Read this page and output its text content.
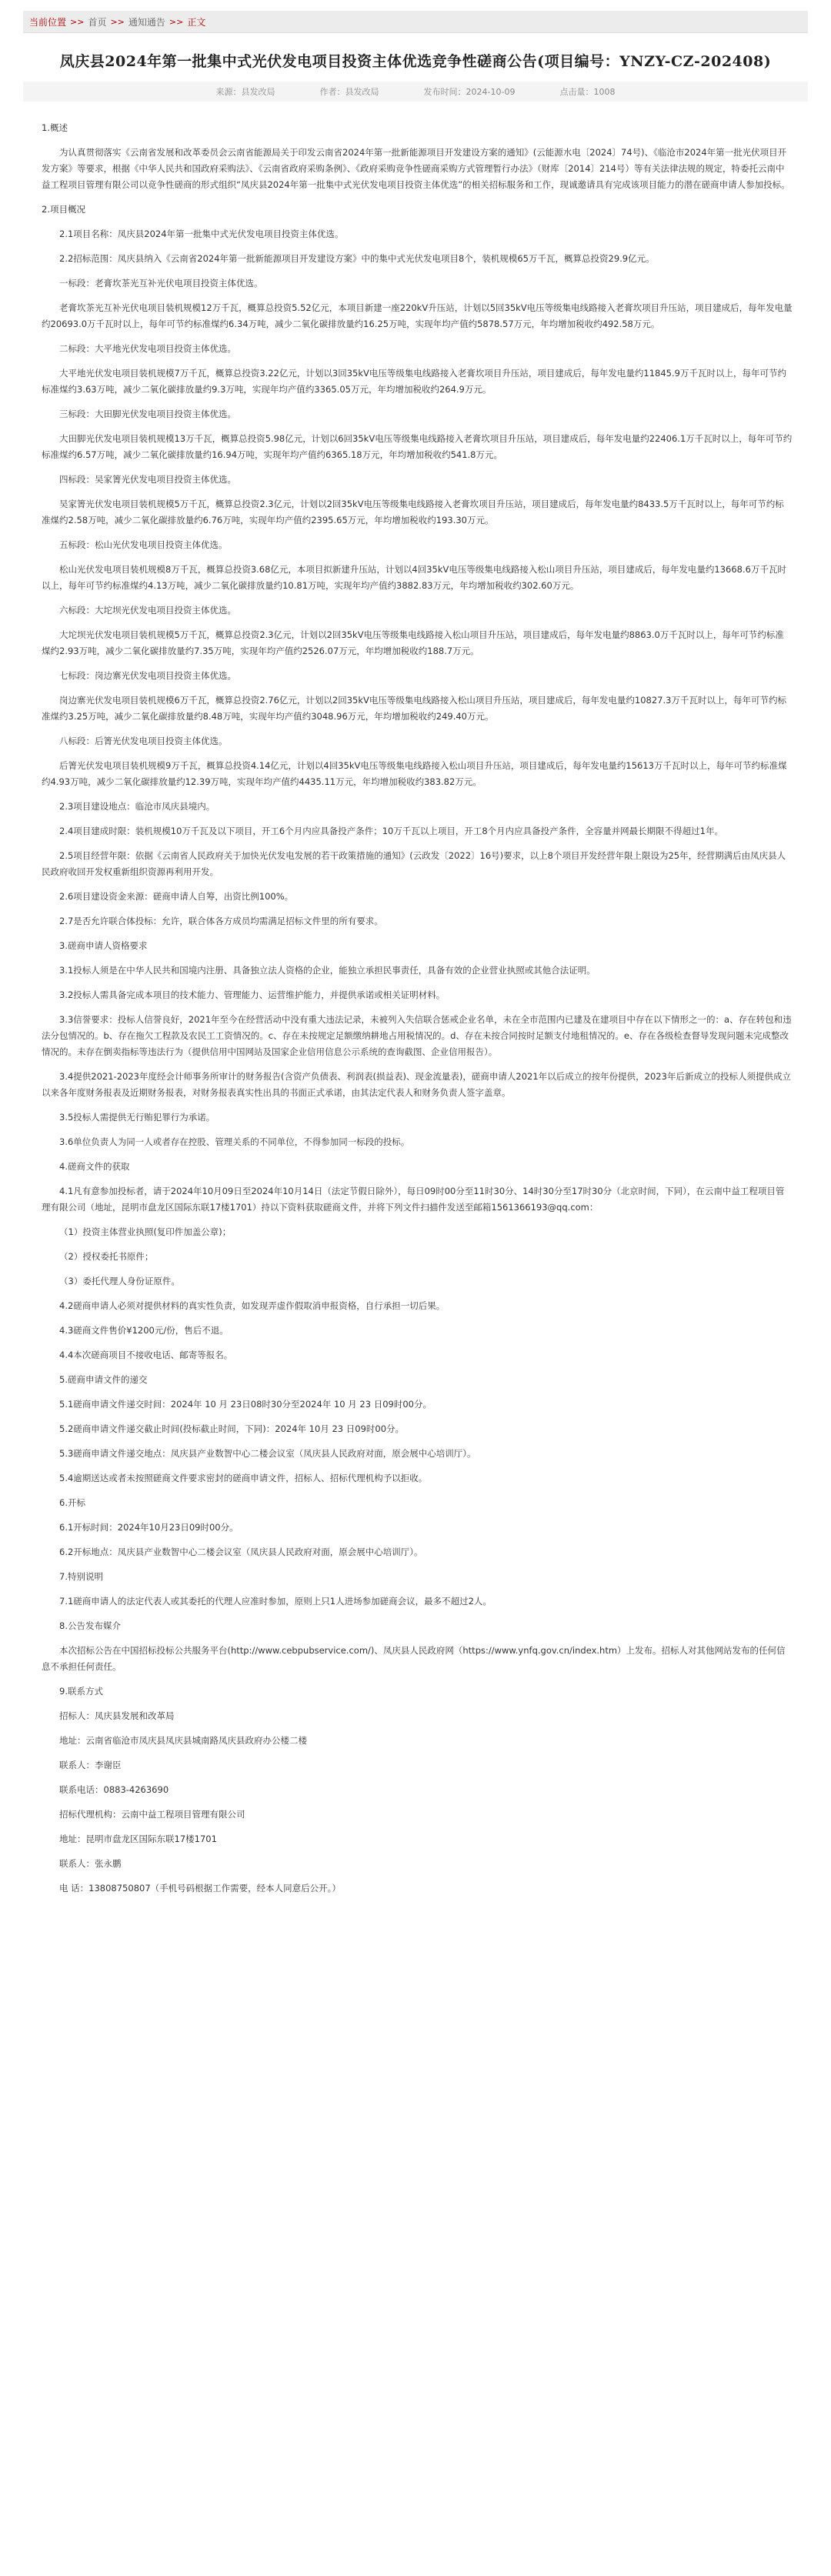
当前位置 >> 首页 >> 通知通告 >> 正文
凤庆县2024年第一批集中式光伏发电项目投资主体优选竞争性磋商公告(项目编号：YNZY-CZ-202408)
来源：县发改局	作者：县发改局	发布时间：2024-10-09	点击量：1008

1.概述

为认真贯彻落实《云南省发展和改革委员会云南省能源局关于印发云南省2024年第一批新能源项目开发建设方案的通知》(云能源水电〔2024〕74号)、《临沧市2024年第一批光伏项目开发方案》等要求，根据《中华人民共和国政府采购法》、《云南省政府采购条例》、《政府采购竞争性磋商采购方式管理暂行办法》（财库〔2014〕214号）等有关法律法规的规定，特委托云南中益工程项目管理有限公司以竞争性磋商的形式组织“凤庆县2024年第一批集中式光伏发电项目投资主体优选”的相关招标服务和工作，现诚邀请具有完成该项目能力的潜在磋商申请人参加投标。

2.项目概况

2.1项目名称：凤庆县2024年第一批集中式光伏发电项目投资主体优选。

2.2招标范围：凤庆县纳入《云南省2024年第一批新能源项目开发建设方案》中的集中式光伏发电项目8个，装机规模65万千瓦，概算总投资29.9亿元。

一标段：老膏坎茶光互补光伏电项目投资主体优选。

老膏坎茶光互补光伏电项目装机规模12万千瓦，概算总投资5.52亿元，本项目新建一座220kV升压站，计划以5回35kV电压等级集电线路接入老膏坎项目升压站，项目建成后，每年发电量约20693.0万千瓦时以上，每年可节约标准煤约6.34万吨，减少二氧化碳排放量约16.25万吨，实现年均产值约5878.57万元，年均增加税收约492.58万元。

二标段：大平地光伏发电项目投资主体优选。

大平地光伏发电项目装机规模7万千瓦，概算总投资3.22亿元，计划以3回35kV电压等级集电线路接入老膏坎项目升压站，项目建成后，每年发电量约11845.9万千瓦时以上，每年可节约标准煤约3.63万吨，减少二氧化碳排放量约9.3万吨，实现年均产值约3365.05万元，年均增加税收约264.9万元。

三标段：大田脚光伏发电项目投资主体优选。

大田脚光伏发电项目装机规模13万千瓦，概算总投资5.98亿元，计划以6回35kV电压等级集电线路接入老膏坎项目升压站，项目建成后，每年发电量约22406.1万千瓦时以上，每年可节约标准煤约6.57万吨，减少二氧化碳排放量约16.94万吨，实现年均产值约6365.18万元，年均增加税收约541.8万元。

四标段：吴家箐光伏发电项目投资主体优选。

吴家箐光伏发电项目装机规模5万千瓦，概算总投资2.3亿元，计划以2回35kV电压等级集电线路接入老膏坎项目升压站，项目建成后，每年发电量约8433.5万千瓦时以上，每年可节约标准煤约2.58万吨，减少二氧化碳排放量约6.76万吨，实现年均产值约2395.65万元，年均增加税收约193.30万元。

五标段：松山光伏发电项目投资主体优选。

松山光伏发电项目装机规模8万千瓦，概算总投资3.68亿元，本项目拟新建升压站，计划以4回35kV电压等级集电线路接入松山项目升压站，项目建成后，每年发电量约13668.6万千瓦时以上，每年可节约标准煤约4.13万吨，减少二氧化碳排放量约10.81万吨，实现年均产值约3882.83万元，年均增加税收约302.60万元。

六标段：大坨坝光伏发电项目投资主体优选。

大坨坝光伏发电项目装机规模5万千瓦，概算总投资2.3亿元，计划以2回35kV电压等级集电线路接入松山项目升压站，项目建成后，每年发电量约8863.0万千瓦时以上，每年可节约标准煤约2.93万吨，减少二氧化碳排放量约7.35万吨，实现年均产值约2526.07万元，年均增加税收约188.7万元。

七标段：岗边寨光伏发电项目投资主体优选。

岗边寨光伏发电项目装机规模6万千瓦，概算总投资2.76亿元，计划以2回35kV电压等级集电线路接入松山项目升压站，项目建成后，每年发电量约10827.3万千瓦时以上，每年可节约标准煤约3.25万吨，减少二氧化碳排放量约8.48万吨，实现年均产值约3048.96万元，年均增加税收约249.40万元。

八标段：后箐光伏发电项目投资主体优选。

后箐光伏发电项目装机规模9万千瓦，概算总投资4.14亿元，计划以4回35kV电压等级集电线路接入松山项目升压站，项目建成后，每年发电量约15613万千瓦时以上，每年可节约标准煤约4.93万吨，减少二氧化碳排放量约12.39万吨，实现年均产值约4435.11万元，年均增加税收约383.82万元。

2.3项目建设地点：临沧市凤庆县境内。

2.4项目建成时限：装机规模10万千瓦及以下项目，开工6个月内应具备投产条件；10万千瓦以上项目，开工8个月内应具备投产条件，全容量并网最长期限不得超过1年。

2.5项目经营年限：依据《云南省人民政府关于加快光伏发电发展的若干政策措施的通知》(云政发〔2022〕16号)要求，以上8个项目开发经营年限上限设为25年，经营期满后由凤庆县人民政府收回开发权重新组织资源再利用开发。

2.6项目建设资金来源：磋商申请人自筹，出资比例100%。

2.7是否允许联合体投标：允许，联合体各方成员均需满足招标文件里的所有要求。

3.磋商申请人资格要求

3.1投标人须是在中华人民共和国境内注册、具备独立法人资格的企业，能独立承担民事责任，具备有效的企业营业执照或其他合法证明。

3.2投标人需具备完成本项目的技术能力、管理能力、运营维护能力，并提供承诺或相关证明材料。

3.3信誉要求：投标人信誉良好，2021年至今在经营活动中没有重大违法记录，未被列入失信联合惩戒企业名单，未在全市范围内已建及在建项目中存在以下情形之一的：a、存在转包和违法分包情况的。b、存在拖欠工程款及农民工工资情况的。c、存在未按规定足额缴纳耕地占用税情况的。d、存在未按合同按时足额支付地租情况的。e、存在各级检查督导发现问题未完成整改情况的。未存在倒卖指标等违法行为（提供信用中国网站及国家企业信用信息公示系统的查询截图、企业信用报告）。

3.4提供2021-2023年度经会计师事务所审计的财务报告(含资产负债表、利润表(损益表)、现金流量表)，磋商申请人2021年以后成立的按年份提供，2023年后新成立的投标人须提供成立以来各年度财务报表及近期财务报表，对财务报表真实性出具的书面正式承诺，由其法定代表人和财务负责人签字盖章。

3.5投标人需提供无行贿犯罪行为承诺。

3.6单位负责人为同一人或者存在控股、管理关系的不同单位，不得参加同一标段的投标。

4.磋商文件的获取

4.1凡有意参加投标者，请于2024年10月09日至2024年10月14日（法定节假日除外），每日09时00分至11时30分、14时30分至17时30分（北京时间，下同），在云南中益工程项目管理有限公司（地址，昆明市盘龙区国际东联17楼1701）持以下资料获取磋商文件，并将下列文件扫描件发送至邮箱1561366193@qq.com：

（1）投资主体营业执照(复印件加盖公章)；

（2）授权委托书原件；

（3）委托代理人身份证原件。

4.2磋商申请人必须对提供材料的真实性负责，如发现弄虚作假取消申报资格，自行承担一切后果。

4.3磋商文件售价¥1200元/份，售后不退。

4.4本次磋商项目不接收电话、邮寄等报名。

5.磋商申请文件的递交

5.1磋商申请文件递交时间：2024年 10 月 23日08时30分至2024年 10 月 23 日09时00分。

5.2磋商申请文件递交截止时间(投标截止时间，下同)：2024年 10月 23 日09时00分。

5.3磋商申请文件递交地点：凤庆县产业数智中心二楼会议室（凤庆县人民政府对面，原会展中心培训厅）。

5.4逾期送达或者未按照磋商文件要求密封的磋商申请文件，招标人、招标代理机构予以拒收。

6.开标

6.1开标时间：2024年10月23日09时00分。

6.2开标地点：凤庆县产业数智中心二楼会议室（凤庆县人民政府对面，原会展中心培训厅）。

7.特别说明

7.1磋商申请人的法定代表人或其委托的代理人应准时参加，原则上只1人进场参加磋商会议，最多不超过2人。

8.公告发布媒介

本次招标公告在中国招标投标公共服务平台(http://www.cebpubservice.com/)、凤庆县人民政府网（https://www.ynfq.gov.cn/index.htm）上发布。招标人对其他网站发布的任何信息不承担任何责任。

9.联系方式

招标人：凤庆县发展和改革局

地址：云南省临沧市凤庆县凤庆县城南路凤庆县政府办公楼二楼

联系人：李谢臣

联系电话：0883-4263690

招标代理机构：云南中益工程项目管理有限公司

地址：昆明市盘龙区国际东联17楼1701

联系人：张永鹏

电 话：13808750807（手机号码根据工作需要，经本人同意后公开。）
